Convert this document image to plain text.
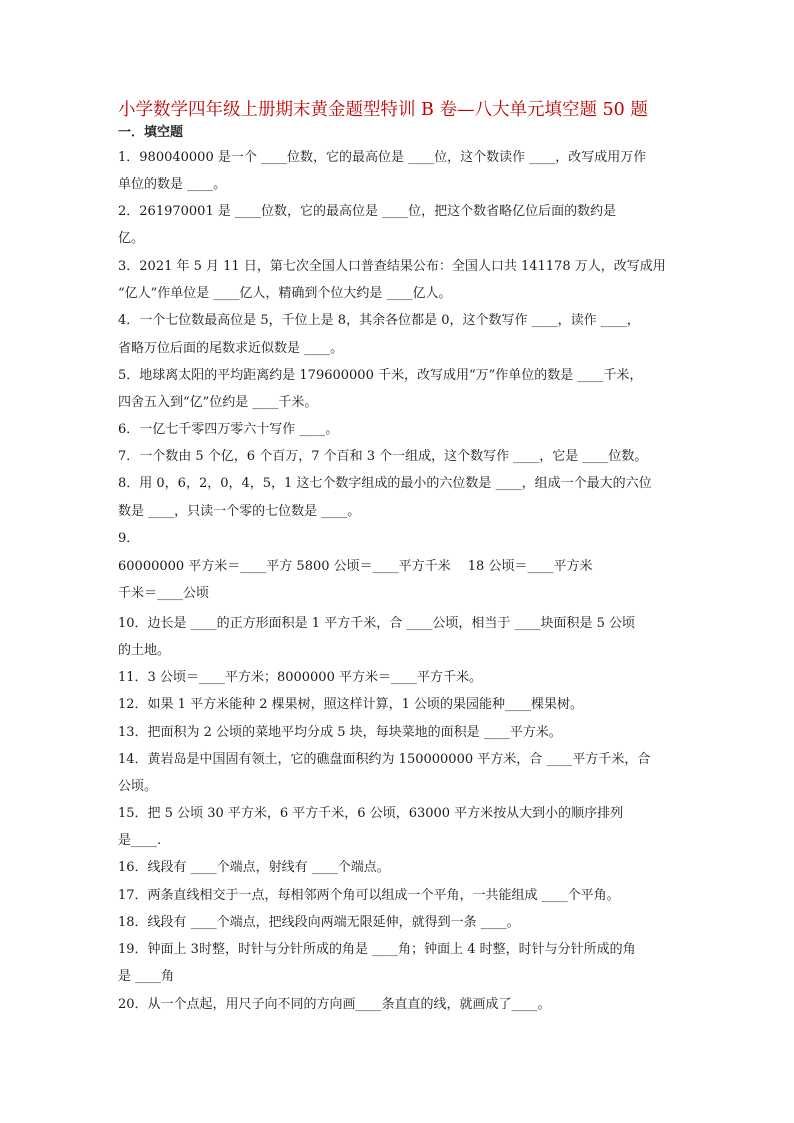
小学数学四年级上册期末黄金题型特训 B 卷—八大单元填空题 50 题
一．填空题
1．980040000 是一个 ____位数，它的最高位是 ____位，这个数读作 ____，改写成用万作
单位的数是 ____。
2．261970001 是 ____位数，它的最高位是 ____位，把这个数省略亿位后面的数约是
亿。
3．2021 年 5 月 11 日，第七次全国人口普查结果公布：全国人口共 141178 万人，改写成用
“亿人”作单位是 ____亿人，精确到个位大约是 ____亿人。
4．一个七位数最高位是 5，千位上是 8，其余各位都是 0，这个数写作 ____，读作 ____，
省略万位后面的尾数求近似数是 ____。
5．地球离太阳的平均距离约是 179600000 千米，改写成用“万”作单位的数是 ____千米，
四舍五入到“亿”位约是 ____千米。
6．一亿七千零四万零六十写作 ____。
7．一个数由 5 个亿，6 个百万，7 个百和 3 个一组成，这个数写作 ____，它是 ____位数。
8．用 0，6，2，0，4，5，1 这七个数字组成的最小的六位数是 ____，组成一个最大的六位
数是 ____，只读一个零的七位数是 ____。
9．
60000000 平方米＝____平方 5800 公顷＝____平方千米 　18 公顷＝____平方米
千米＝____公顷
10．边长是 ____的正方形面积是 1 平方千米，合 ____公顷，相当于 ____块面积是 5 公顷
的土地。
11．3 公顷＝____平方米；8000000 平方米＝____平方千米。
12．如果 1 平方米能种 2 棵果树，照这样计算，1 公顷的果园能种____棵果树。
13．把面积为 2 公顷的菜地平均分成 5 块，每块菜地的面积是 ____平方米。
14．黄岩岛是中国固有领土，它的礁盘面积约为 150000000 平方米，合 ____平方千米，合
公顷。
15．把 5 公顷 30 平方米，6 平方千米，6 公顷，63000 平方米按从大到小的顺序排列
是____.
16．线段有 ____个端点，射线有 ____个端点。
17．两条直线相交于一点，每相邻两个角可以组成一个平角，一共能组成 ____个平角。
18．线段有 ____个端点，把线段向两端无限延伸，就得到一条 ____。
19．钟面上 3时整，时针与分针所成的角是 ____角；钟面上 4 时整，时针与分针所成的角
是 ____角
20．从一个点起，用尺子向不同的方向画____条直直的线，就画成了____。
